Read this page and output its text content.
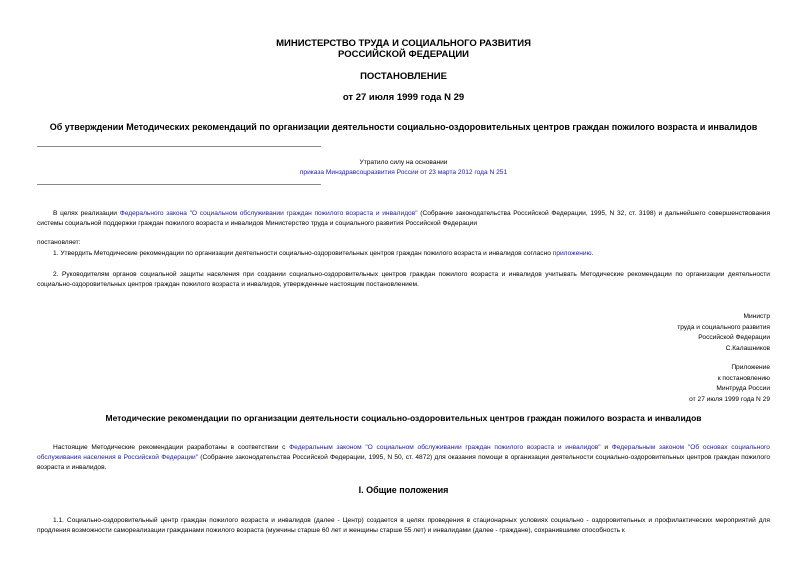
МИНИСТЕРСТВО ТРУДА И СОЦИАЛЬНОГО РАЗВИТИЯ
РОССИЙСКОЙ ФЕДЕРАЦИИ
ПОСТАНОВЛЕНИЕ
от 27 июля 1999 года N 29
Об утверждении Методических рекомендаций по организации деятельности социально-оздоровительных центров граждан пожилого возраста и инвалидов
Утратило силу на основании
приказа Минздравсоцразвития России от 23 марта 2012 года N 251
В целях реализации Федерального закона "О социальном обслуживании граждан пожилого возраста и инвалидов" (Собрание законодательства Российской Федерации, 1995, N 32, ст. 3198) и дальнейшего совершенствования системы социальной поддержки граждан пожилого возраста и инвалидов Министерство труда и социального развития Российской Федерации
постановляет:
1. Утвердить Методические рекомендации по организации деятельности социально-оздоровительных центров граждан пожилого возраста и инвалидов согласно приложению.
2. Руководителям органов социальной защиты населения при создании социально-оздоровительных центров граждан пожилого возраста и инвалидов учитывать Методические рекомендации по организации деятельности социально-оздоровительных центров граждан пожилого возраста и инвалидов, утвержденные настоящим постановлением.
Министр
труда и социального развития
Российской Федерации
С.Калашников
Приложение
к постановлению
Минтруда России
от 27 июля 1999 года N 29
Методические рекомендации по организации деятельности социально-оздоровительных центров граждан пожилого возраста и инвалидов
Настоящие Методические рекомендации разработаны в соответствии с Федеральным законом "О социальном обслуживании граждан пожилого возраста и инвалидов" и Федеральным законом "Об основах социального обслуживания населения в Российской Федерации" (Собрание законодательства Российской Федерации, 1995, N 50, ст. 4872) для оказания помощи в организации деятельности социально-оздоровительных центров граждан пожилого возраста и инвалидов.
I. Общие положения
1.1. Социально-оздоровительный центр граждан пожилого возраста и инвалидов (далее - Центр) создается в целях проведения в стационарных условиях социально - оздоровительных и профилактических мероприятий для продления возможности самореализации гражданами пожилого возраста (мужчины старше 60 лет и женщины старше 55 лет) и инвалидами (далее - граждане), сохранившими способность к
